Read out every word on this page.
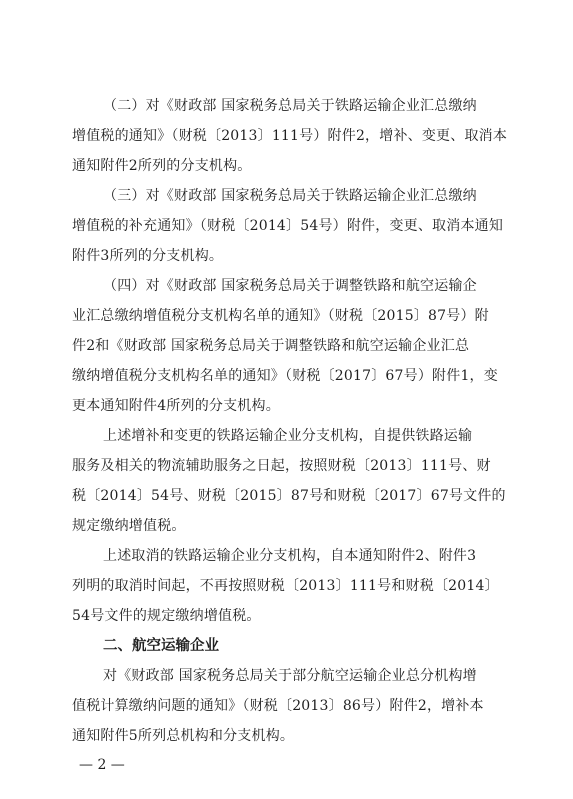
（二）对《财政部 国家税务总局关于铁路运输企业汇总缴纳

增值税的通知》（财税〔2013〕111号）附件2，增补、变更、取消本

通知附件2所列的分支机构。

（三）对《财政部 国家税务总局关于铁路运输企业汇总缴纳

增值税的补充通知》（财税〔2014〕54号）附件，变更、取消本通知

附件3所列的分支机构。

（四）对《财政部 国家税务总局关于调整铁路和航空运输企

业汇总缴纳增值税分支机构名单的通知》（财税〔2015〕87号）附

件2和《财政部 国家税务总局关于调整铁路和航空运输企业汇总

缴纳增值税分支机构名单的通知》（财税〔2017〕67号）附件1，变

更本通知附件4所列的分支机构。

上述增补和变更的铁路运输企业分支机构，自提供铁路运输

服务及相关的物流辅助服务之日起，按照财税〔2013〕111号、财

税〔2014〕54号、财税〔2015〕87号和财税〔2017〕67号文件的

规定缴纳增值税。

上述取消的铁路运输企业分支机构，自本通知附件2、附件3

列明的取消时间起，不再按照财税〔2013〕111号和财税〔2014〕

54号文件的规定缴纳增值税。

二、航空运输企业

对《财政部 国家税务总局关于部分航空运输企业总分机构增

值税计算缴纳问题的通知》（财税〔2013〕86号）附件2，增补本

通知附件5所列总机构和分支机构。

— 2 —
